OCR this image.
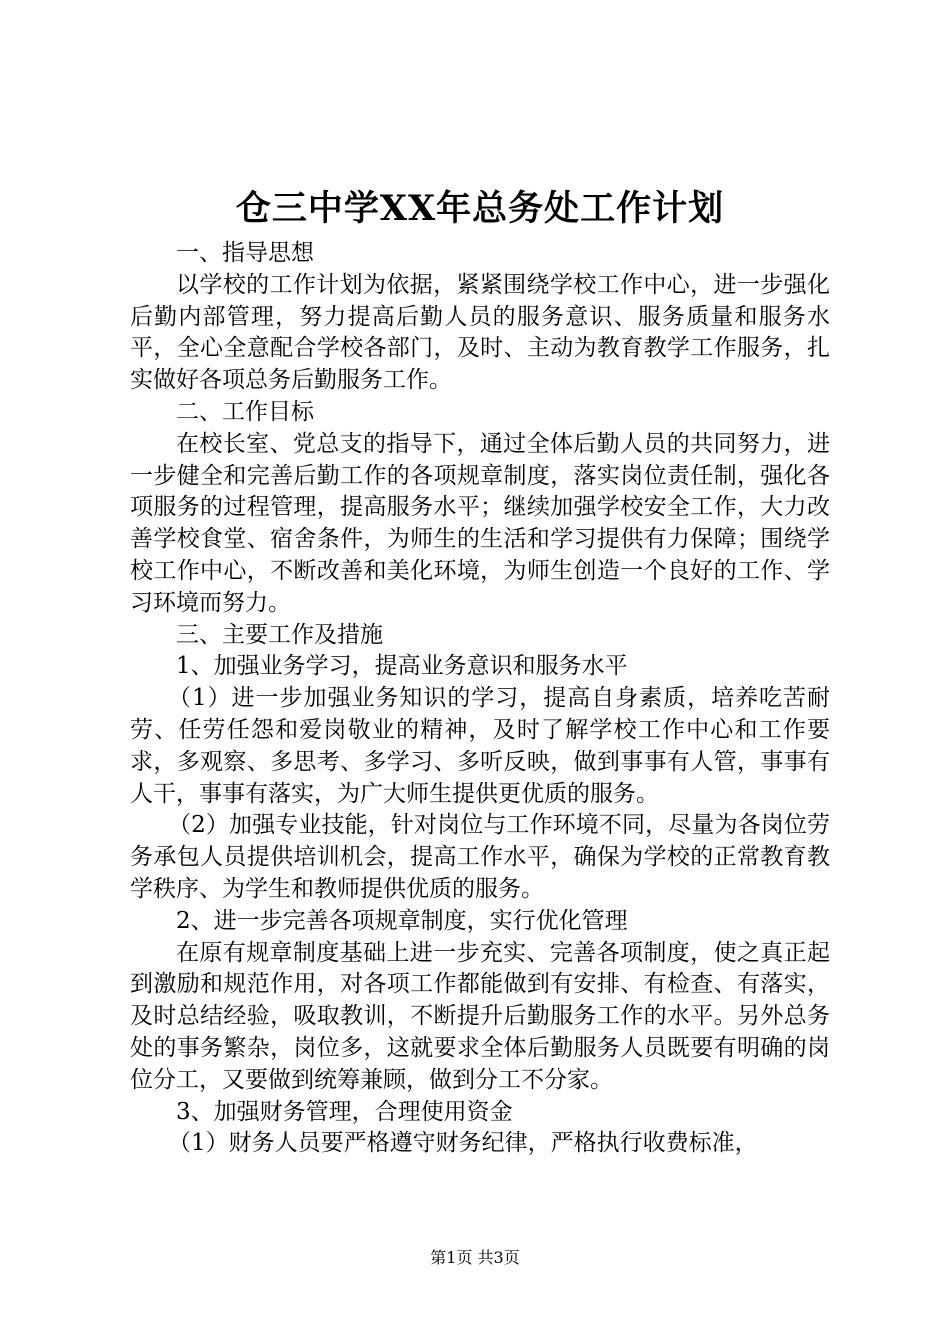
仓三中学XX年总务处工作计划

一、指导思想

以学校的工作计划为依据，紧紧围绕学校工作中心，进一步强化后勤内部管理，努力提高后勤人员的服务意识、服务质量和服务水平，全心全意配合学校各部门，及时、主动为教育教学工作服务，扎实做好各项总务后勤服务工作。

二、工作目标

在校长室、党总支的指导下，通过全体后勤人员的共同努力，进一步健全和完善后勤工作的各项规章制度，落实岗位责任制，强化各项服务的过程管理，提高服务水平；继续加强学校安全工作，大力改善学校食堂、宿舍条件，为师生的生活和学习提供有力保障；围绕学校工作中心，不断改善和美化环境，为师生创造一个良好的工作、学习环境而努力。

三、主要工作及措施

1、加强业务学习，提高业务意识和服务水平

（1）进一步加强业务知识的学习，提高自身素质，培养吃苦耐劳、任劳任怨和爱岗敬业的精神，及时了解学校工作中心和工作要求，多观察、多思考、多学习、多听反映，做到事事有人管，事事有人干，事事有落实，为广大师生提供更优质的服务。

（2）加强专业技能，针对岗位与工作环境不同，尽量为各岗位劳务承包人员提供培训机会，提高工作水平，确保为学校的正常教育教学秩序、为学生和教师提供优质的服务。

2、进一步完善各项规章制度，实行优化管理

在原有规章制度基础上进一步充实、完善各项制度，使之真正起到激励和规范作用，对各项工作都能做到有安排、有检查、有落实，及时总结经验，吸取教训，不断提升后勤服务工作的水平。另外总务处的事务繁杂，岗位多，这就要求全体后勤服务人员既要有明确的岗位分工，又要做到统筹兼顾，做到分工不分家。

3、加强财务管理，合理使用资金

（1）财务人员要严格遵守财务纪律，严格执行收费标准，

第1页 共3页
